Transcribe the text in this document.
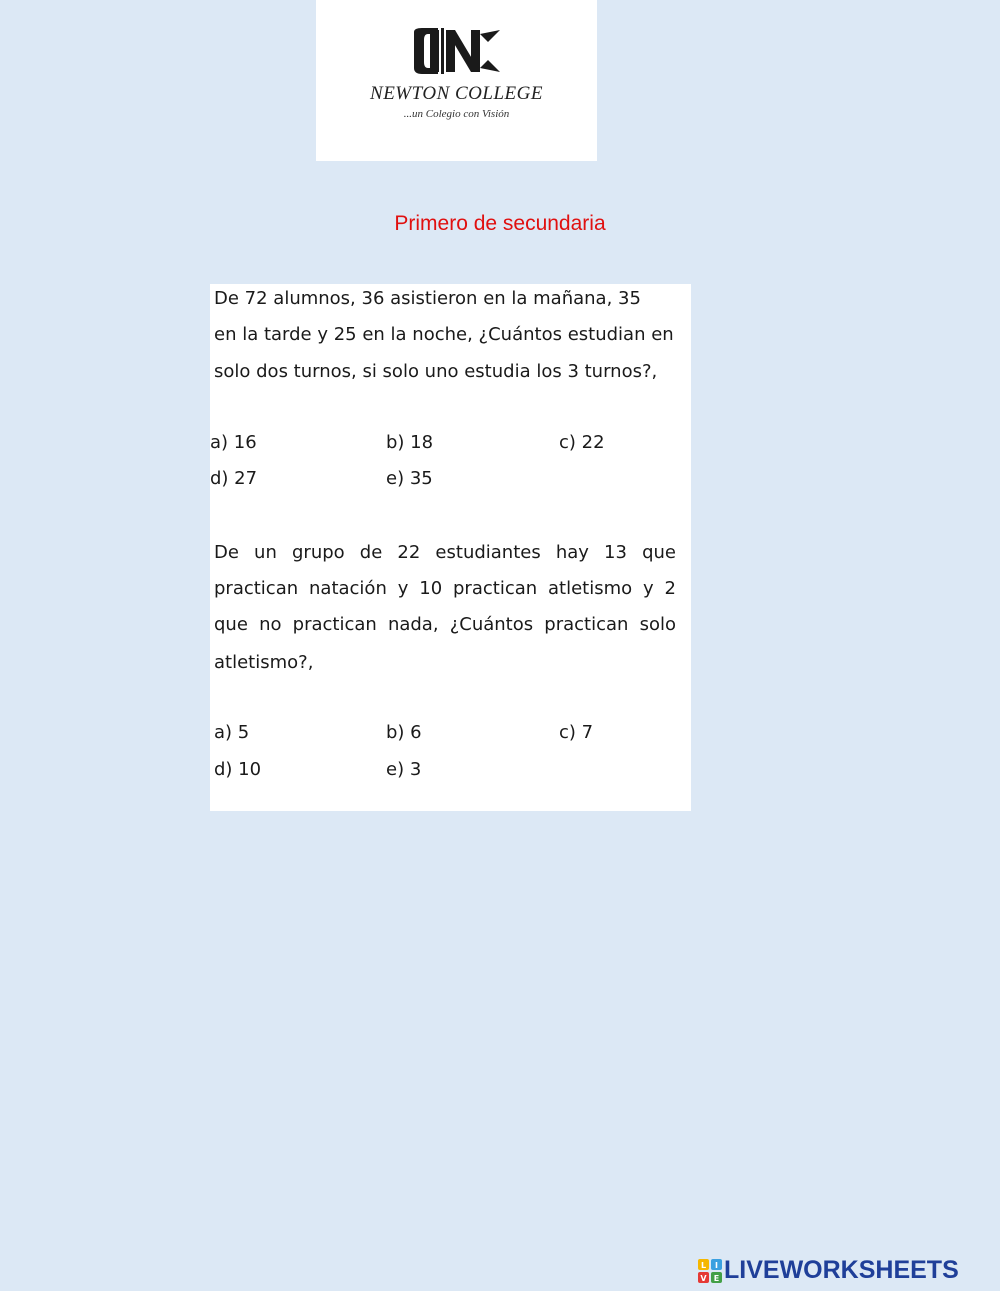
NEWTON COLLEGE
...un Colegio con Visión
Primero de secundaria
De 72 alumnos, 36 asistieron en la mañana, 35
en la tarde y 25 en la noche, ¿Cuántos estudian en
solo dos turnos, si solo uno estudia los 3 turnos?,
a) 16	b) 18	c) 22
d) 27	e) 35
De un grupo de 22 estudiantes hay 13 que
practican natación y 10 practican atletismo y 2
que no practican nada, ¿Cuántos practican solo
atletismo?,
a) 5	b) 6	c) 7
d) 10	e) 3
L I
V E LIVEWORKSHEETS
